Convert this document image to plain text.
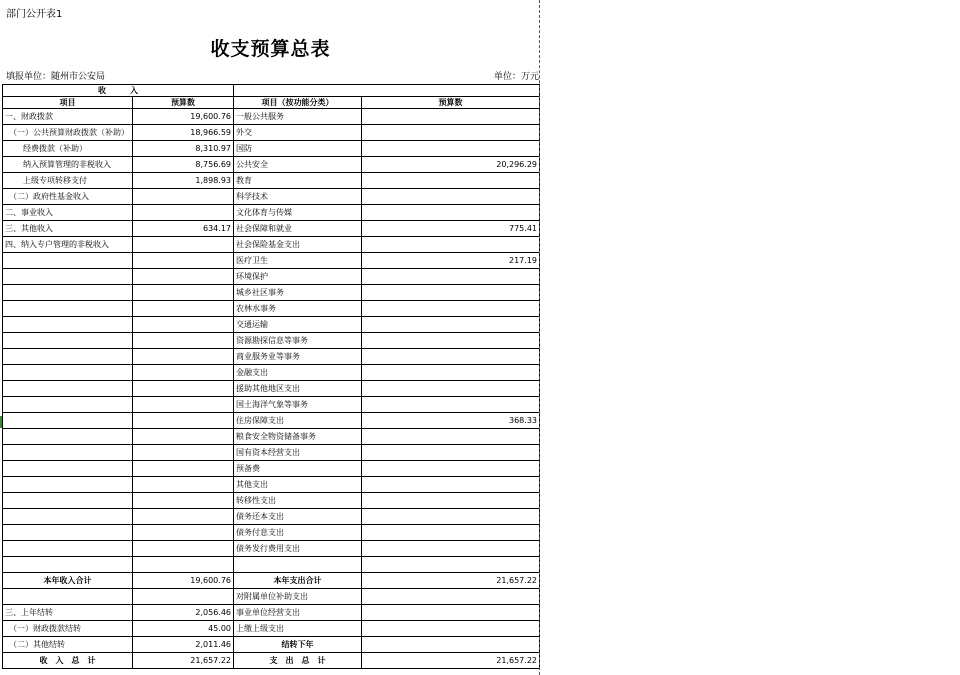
部门公开表1
收支预算总表
填报单位：随州市公安局	单位：万元
收　　　入			
项目	预算数	项目（按功能分类）	预算数
一、财政拨款	19,600.76	一般公共服务	
（一）公共预算财政拨款（补助）	18,966.59	外交	
经费拨款（补助）	8,310.97	国防	
纳入预算管理的非税收入	8,756.69	公共安全	20,296.29
上级专项转移支付	1,898.93	教育	
（二）政府性基金收入		科学技术	
二、事业收入		文化体育与传媒	
三、其他收入	634.17	社会保障和就业	775.41
四、纳入专户管理的非税收入		社会保险基金支出	
		医疗卫生	217.19
		环境保护	
		城乡社区事务	
		农林水事务	
		交通运输	
		资源勘探信息等事务	
		商业服务业等事务	
		金融支出	
		援助其他地区支出	
		国土海洋气象等事务	
		住房保障支出	368.33
		粮食安全物资储备事务	
		国有资本经营支出	
		预备费	
		其他支出	
		转移性支出	
		债务还本支出	
		债务付息支出	
		债务发行费用支出	

本年收入合计	19,600.76	本年支出合计	21,657.22
		对附属单位补助支出	
三、上年结转	2,056.46	事业单位经营支出	
（一）财政拨款结转	45.00	上缴上级支出	
（二）其他结转	2,011.46	结转下年	
收　入　总　计	21,657.22	支　出　总　计	21,657.22
